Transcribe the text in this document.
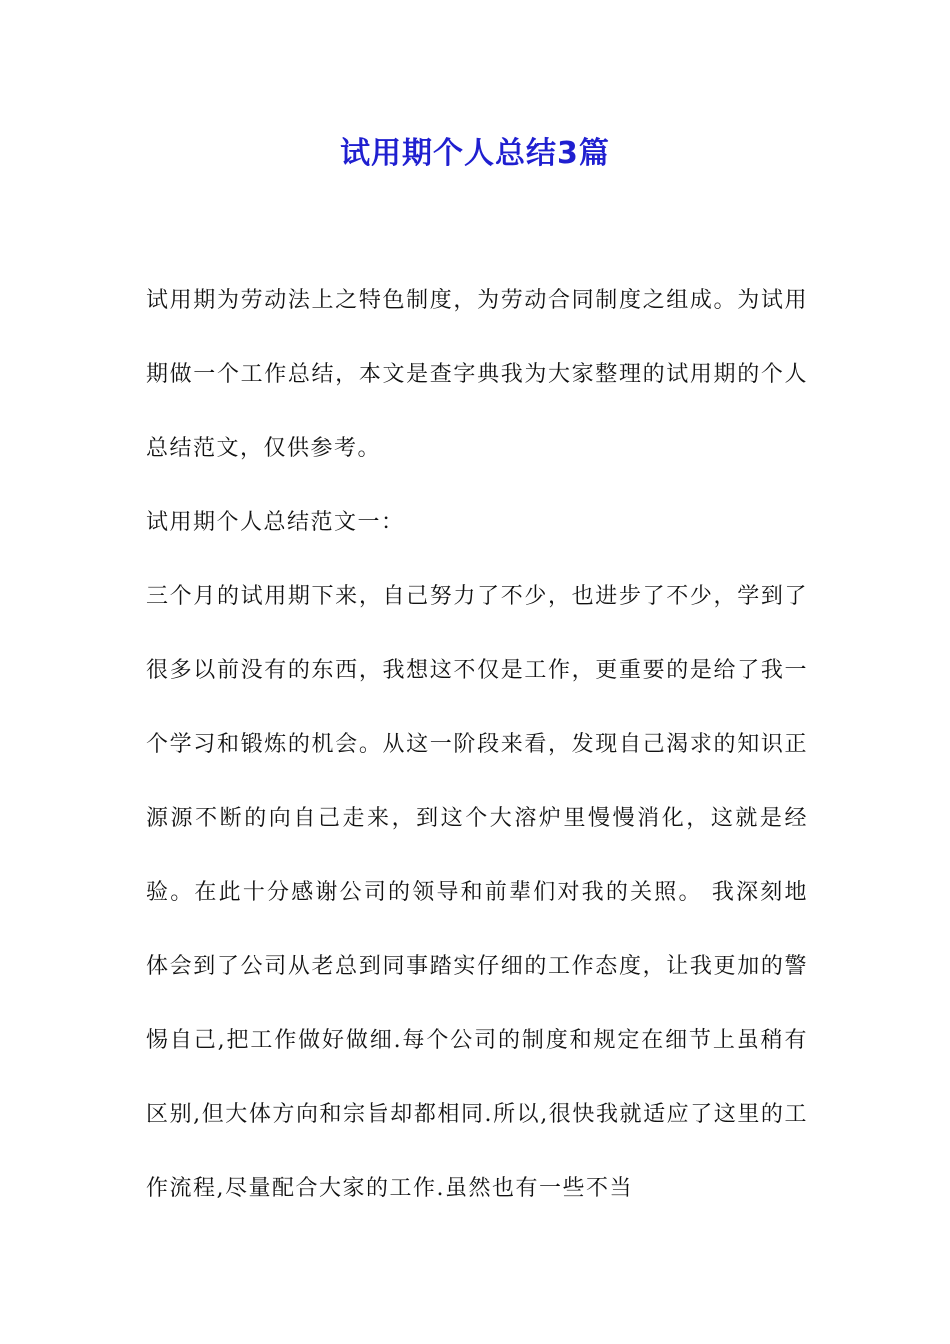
试用期个人总结3篇

试用期为劳动法上之特色制度，为劳动合同制度之组成。为试用期做一个工作总结，本文是查字典我为大家整理的试用期的个人总结范文，仅供参考。

试用期个人总结范文一：

三个月的试用期下来，自己努力了不少，也进步了不少，学到了很多以前没有的东西，我想这不仅是工作，更重要的是给了我一个学习和锻炼的机会。从这一阶段来看，发现自己渴求的知识正源源不断的向自己走来，到这个大溶炉里慢慢消化，这就是经验。在此十分感谢公司的领导和前辈们对我的关照。 我深刻地体会到了公司从老总到同事踏实仔细的工作态度，让我更加的警惕自己,把工作做好做细.每个公司的制度和规定在细节上虽稍有区别,但大体方向和宗旨却都相同.所以,很快我就适应了这里的工作流程,尽量配合大家的工作.虽然也有一些不当
